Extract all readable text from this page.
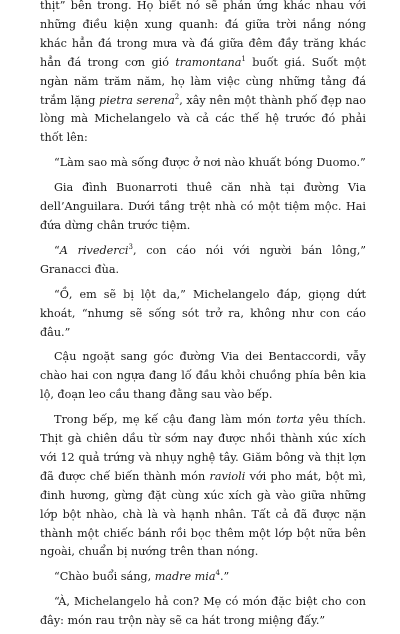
thịt” bên trong. Họ biết nó sẽ phản ứng khác nhau với những điều kiện xung quanh: đá giữa trời nắng nóng khác hẳn đá trong mưa và đá giữa đêm đầy trăng khác hẳn đá trong cơn gió tramontana$^1$ buốt giá. Suốt một ngàn năm trăm năm, họ làm việc cùng những tảng đá trắm lặng pietra serena$^2$, xây nên một thành phố đẹp nao lòng mà Michelangelo và cả các thế hệ trước đó phải thốt lên:

“Làm sao mà sống được ở nơi nào khuất bóng Duomo.”

Gia đình Buonarroti thuê căn nhà tại đường Via dell’Anguilara. Dưới tầng trệt nhà có một tiệm mộc. Hai đứa dừng chân trước tiệm.

“A rivederci$^3$, con cáo nói với người bán lông,” Granacci đùa.

“Ồ, em sẽ bị lột da,” Michelangelo đáp, giọng dứt khoát, “nhưng sẽ sống sót trở ra, không như con cáo đâu.”

Cậu ngoặt sang góc đường Via dei Bentaccordi, vẫy chào hai con ngựa đang lố đầu khỏi chuồng phía bên kia lộ, đoạn leo cầu thang đằng sau vào bếp.

Trong bếp, mẹ kế cậu đang làm món torta yêu thích. Thịt gà chiên dầu từ sớm nay được nhồi thành xúc xích với 12 quả trứng và nhụy nghệ tây. Giăm bông và thịt lợn đã được chế biến thành món ravioli với pho mát, bột mì, đinh hương, gừng đặt cùng xúc xích gà vào giữa những lớp bột nhào, chà là và hạnh nhân. Tất cả đã được nặn thành một chiếc bánh rồi bọc thêm một lớp bột nữa bên ngoài, chuẩn bị nướng trên than nóng.

“Chào buổi sáng, madre mia$^4$.”

“À, Michelangelo hả con? Mẹ có món đặc biệt cho con đây: món rau trộn này sẽ ca hát trong miệng đấy.”
